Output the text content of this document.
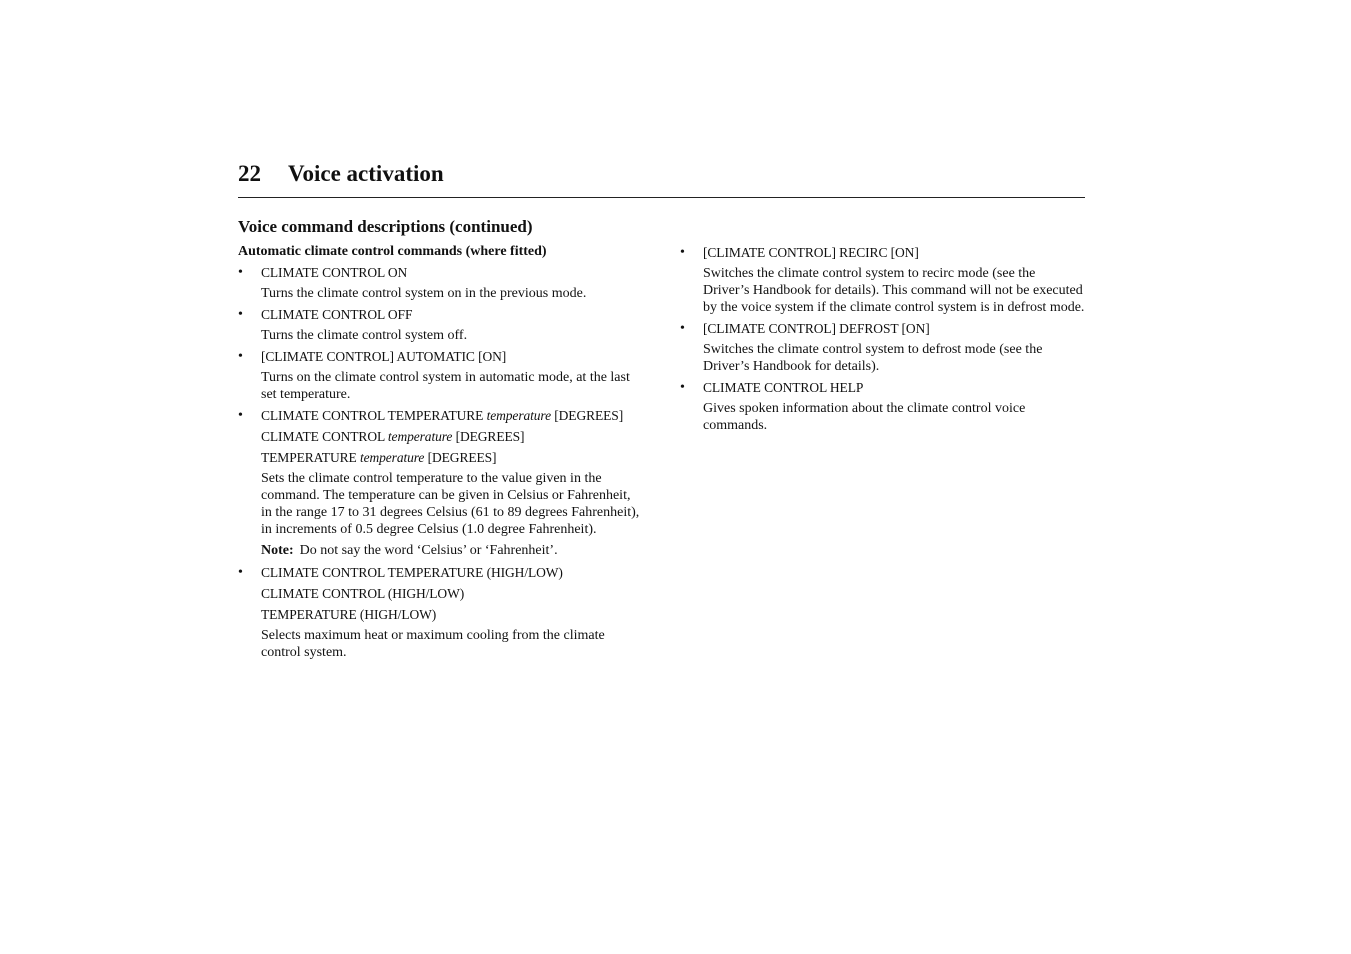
22 Voice activation
Voice command descriptions (continued)
Automatic climate control commands (where fitted)
•	CLIMATE CONTROL ON
Turns the climate control system on in the previous mode.
•	CLIMATE CONTROL OFF
Turns the climate control system off.
•	[CLIMATE CONTROL] AUTOMATIC [ON]
Turns on the climate control system in automatic mode, at the last set temperature.
•	CLIMATE CONTROL TEMPERATURE temperature [DEGREES]
CLIMATE CONTROL temperature [DEGREES]
TEMPERATURE temperature [DEGREES]
Sets the climate control temperature to the value given in the command. The temperature can be given in Celsius or Fahrenheit, in the range 17 to 31 degrees Celsius (61 to 89 degrees Fahrenheit), in increments of 0.5 degree Celsius (1.0 degree Fahrenheit).
Note: Do not say the word ‘Celsius’ or ‘Fahrenheit’.
•	CLIMATE CONTROL TEMPERATURE (HIGH/LOW)
CLIMATE CONTROL (HIGH/LOW)
TEMPERATURE (HIGH/LOW)
Selects maximum heat or maximum cooling from the climate control system.
•	[CLIMATE CONTROL] RECIRC [ON]
Switches the climate control system to recirc mode (see the Driver’s Handbook for details). This command will not be executed by the voice system if the climate control system is in defrost mode.
•	[CLIMATE CONTROL] DEFROST [ON]
Switches the climate control system to defrost mode (see the Driver’s Handbook for details).
•	CLIMATE CONTROL HELP
Gives spoken information about the climate control voice commands.
